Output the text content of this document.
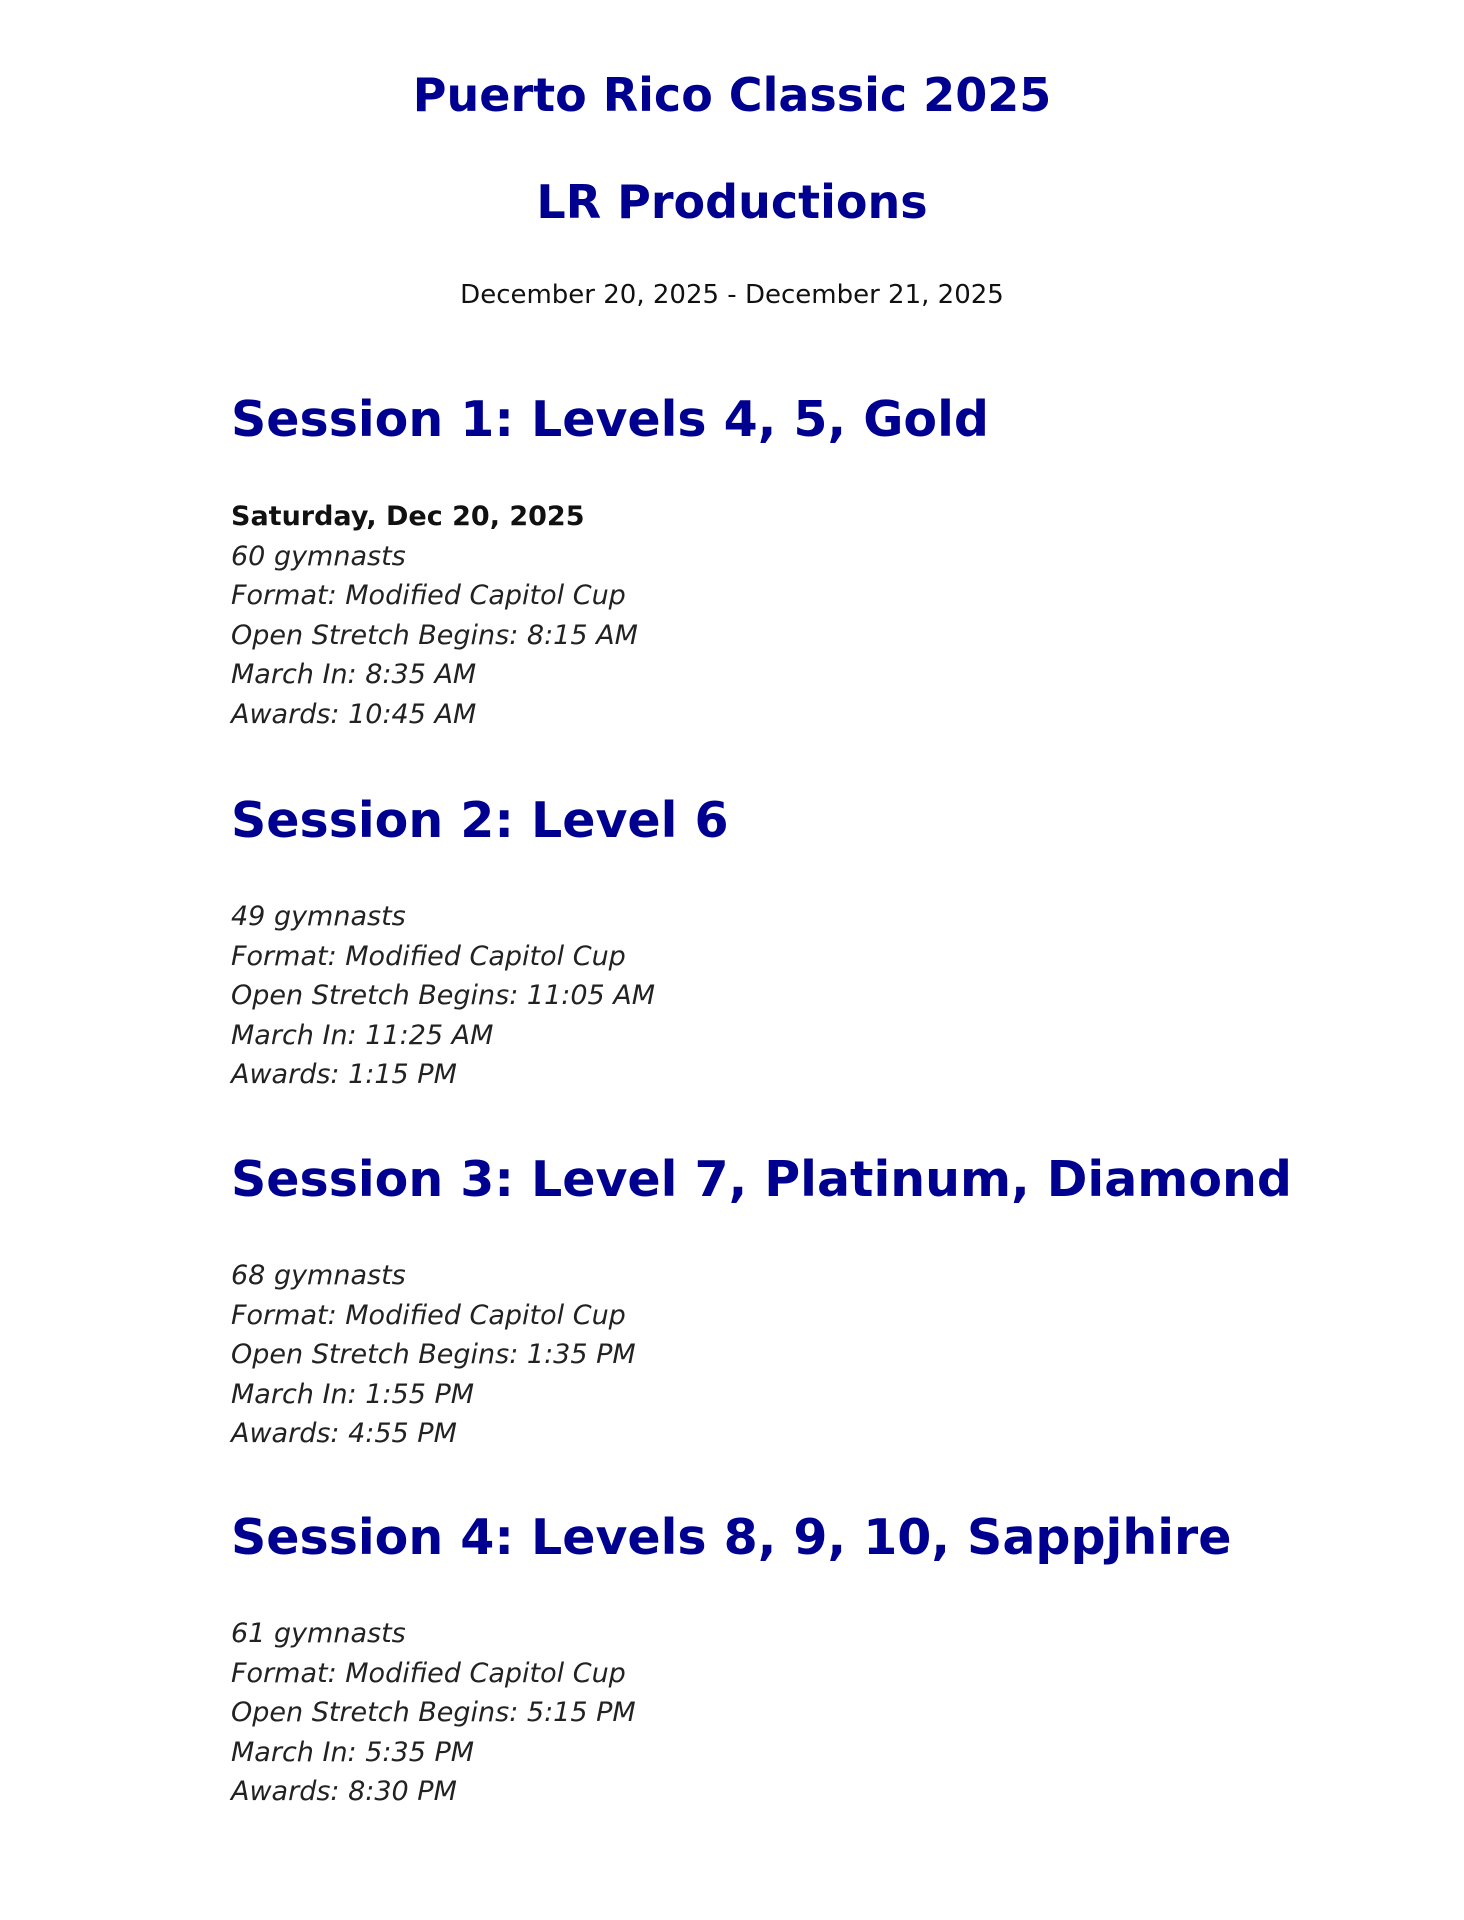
Puerto Rico Classic 2025
LR Productions
December 20, 2025 - December 21, 2025
Session 1: Levels 4, 5, Gold
Saturday, Dec 20, 2025
60 gymnasts
Format: Modified Capitol Cup
Open Stretch Begins: 8:15 AM
March In: 8:35 AM
Awards: 10:45 AM
Session 2: Level 6
49 gymnasts
Format: Modified Capitol Cup
Open Stretch Begins: 11:05 AM
March In: 11:25 AM
Awards: 1:15 PM
Session 3: Level 7, Platinum, Diamond
68 gymnasts
Format: Modified Capitol Cup
Open Stretch Begins: 1:35 PM
March In: 1:55 PM
Awards: 4:55 PM
Session 4: Levels 8, 9, 10, Sappjhire
61 gymnasts
Format: Modified Capitol Cup
Open Stretch Begins: 5:15 PM
March In: 5:35 PM
Awards: 8:30 PM
